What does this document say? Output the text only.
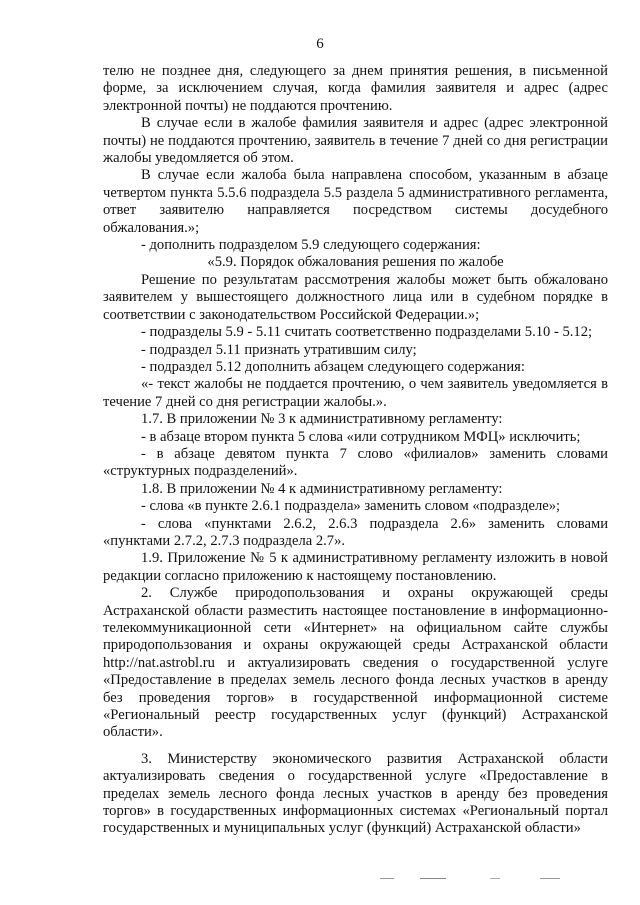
6

телю не позднее дня, следующего за днем принятия решения, в письменной форме, за исключением случая, когда фамилия заявителя и адрес (адрес электронной почты) не поддаются прочтению.

В случае если в жалобе фамилия заявителя и адрес (адрес электронной почты) не поддаются прочтению, заявитель в течение 7 дней со дня регистрации жалобы уведомляется об этом.

В случае если жалоба была направлена способом, указанным в абзаце четвертом пункта 5.5.6 подраздела 5.5 раздела 5 административного регламента, ответ заявителю направляется посредством системы досудебного обжалования.»;

- дополнить подразделом 5.9 следующего содержания:

«5.9. Порядок обжалования решения по жалобе

Решение по результатам рассмотрения жалобы может быть обжаловано заявителем у вышестоящего должностного лица или в судебном порядке в соответствии с законодательством Российской Федерации.»;

- подразделы 5.9 - 5.11 считать соответственно подразделами 5.10 - 5.12;

- подраздел 5.11 признать утратившим силу;

- подраздел 5.12 дополнить абзацем следующего содержания:

«- текст жалобы не поддается прочтению, о чем заявитель уведомляется в течение 7 дней со дня регистрации жалобы.».

1.7. В приложении № 3 к административному регламенту:

- в абзаце втором пункта 5 слова «или сотрудником МФЦ» исключить;

- в абзаце девятом пункта 7 слово «филиалов» заменить словами «структурных подразделений».

1.8. В приложении № 4 к административному регламенту:

- слова «в пункте 2.6.1 подраздела» заменить словом «подразделе»;

- слова «пунктами 2.6.2, 2.6.3 подраздела 2.6» заменить словами «пунктами 2.7.2, 2.7.3 подраздела 2.7».

1.9. Приложение № 5 к административному регламенту изложить в новой редакции согласно приложению к настоящему постановлению.

2. Службе природопользования и охраны окружающей среды Астраханской области разместить настоящее постановление в информационно-телекоммуникационной сети «Интернет» на официальном сайте службы природопользования и охраны окружающей среды Астраханской области http://nat.astrobl.ru и актуализировать сведения о государственной услуге «Предоставление в пределах земель лесного фонда лесных участков в аренду без проведения торгов» в государственной информационной системе «Региональный реестр государственных услуг (функций) Астраханской области».

3. Министерству экономического развития Астраханской области актуализировать сведения о государственной услуге «Предоставление в пределах земель лесного фонда лесных участков в аренду без проведения торгов» в государственных информационных системах «Региональный портал государственных и муниципальных услуг (функций) Астраханской области»
